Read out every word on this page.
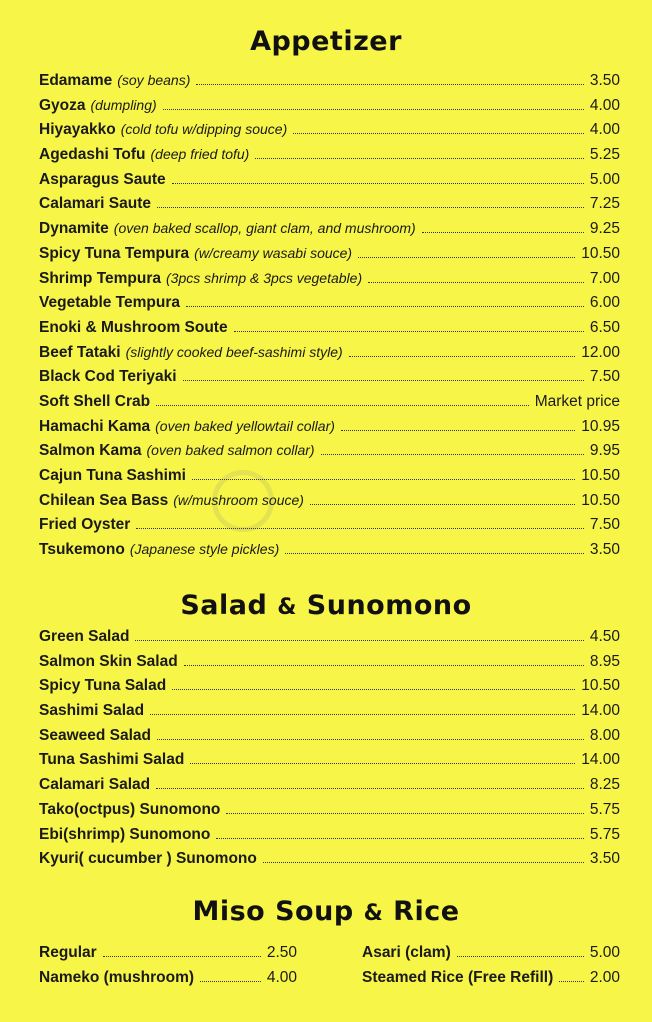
Appetizer
Edamame (soy beans)	3.50
Gyoza (dumpling)	4.00
Hiyayakko (cold tofu w/dipping souce)	4.00
Agedashi Tofu (deep fried tofu)	5.25
Asparagus Saute	5.00
Calamari Saute	7.25
Dynamite (oven baked scallop, giant clam, and mushroom)	9.25
Spicy Tuna Tempura (w/creamy wasabi souce)	10.50
Shrimp Tempura (3pcs shrimp & 3pcs vegetable)	7.00
Vegetable Tempura	6.00
Enoki & Mushroom Soute	6.50
Beef Tataki (slightly cooked beef-sashimi style)	12.00
Black Cod Teriyaki	7.50
Soft Shell Crab	Market price
Hamachi Kama (oven baked yellowtail collar)	10.95
Salmon Kama (oven baked salmon collar)	9.95
Cajun Tuna Sashimi	10.50
Chilean Sea Bass (w/mushroom souce)	10.50
Fried Oyster	7.50
Tsukemono (Japanese style pickles)	3.50
Salad & Sunomono
Green Salad	4.50
Salmon Skin Salad	8.95
Spicy Tuna Salad	10.50
Sashimi Salad	14.00
Seaweed Salad	8.00
Tuna Sashimi Salad	14.00
Calamari Salad	8.25
Tako(octpus) Sunomono	5.75
Ebi(shrimp) Sunomono	5.75
Kyuri( cucumber ) Sunomono	3.50
Miso Soup & Rice
Regular	2.50
Nameko (mushroom)	4.00
Asari (clam)	5.00
Steamed Rice (Free Refill) 2.00
